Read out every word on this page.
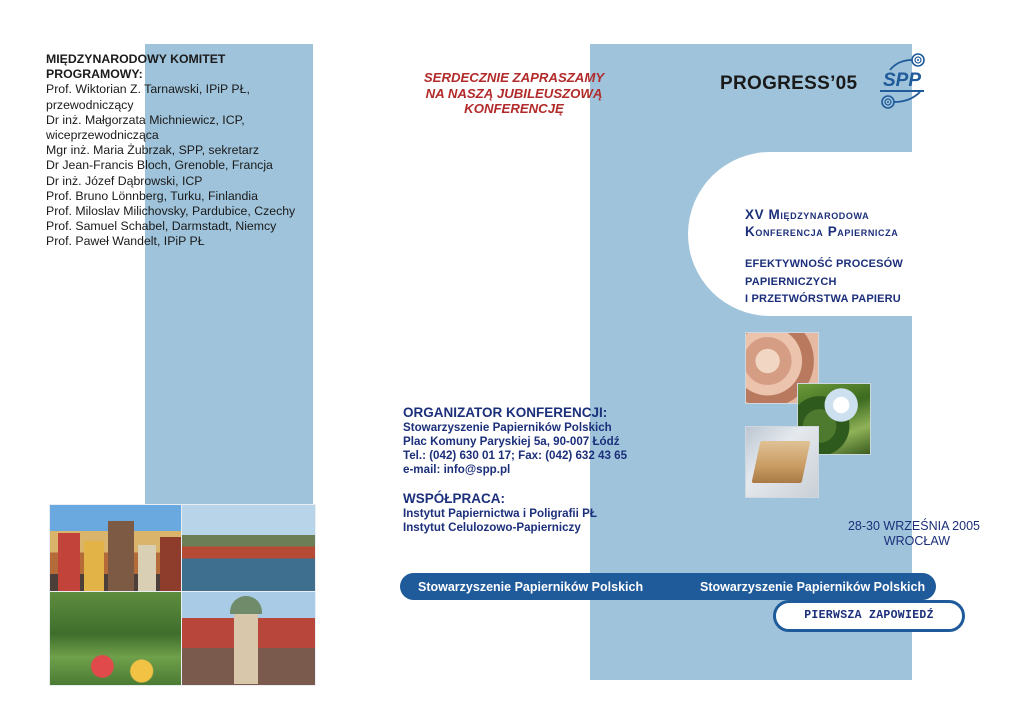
MIĘDZYNARODOWY KOMITET PROGRAMOWY:
Prof. Wiktorian Z. Tarnawski, IPiP PŁ,
przewodniczący
Dr inż. Małgorzata Michniewicz, ICP,
wiceprzewodnicząca
Mgr inż. Maria Żubrzak, SPP, sekretarz
Dr Jean-Francis Bloch, Grenoble, Francja
Dr inż. Józef Dąbrowski, ICP
Prof. Bruno Lönnberg, Turku, Finlandia
Prof. Miloslav Milichovsky, Pardubice, Czechy
Prof. Samuel Schabel, Darmstadt, Niemcy
Prof. Paweł Wandelt, IPiP PŁ
SERDECZNIE ZAPRASZAMY
NA NASZĄ JUBILEUSZOWĄ
KONFERENCJĘ
PROGRESS’05 SPP
XV Międzynarodowa
Konferencja Papiernicza
EFEKTYWNOŚĆ PROCESÓW
PAPIERNICZYCH
I PRZETWÓRSTWA PAPIERU
ORGANIZATOR KONFERENCJI:
Stowarzyszenie Papierników Polskich
Plac Komuny Paryskiej 5a, 90-007 Łódź
Tel.: (042) 630 01 17; Fax: (042) 632 43 65
e-mail: info@spp.pl
WSPÓŁPRACA:
Instytut Papiernictwa i Poligrafii PŁ
Instytut Celulozowo-Papierniczy	28-30 WRZEŚNIA 2005
WROCŁAW
Stowarzyszenie Papierników Polskich	Stowarzyszenie Papierników Polskich
PIERWSZA ZAPOWIEDŹ
